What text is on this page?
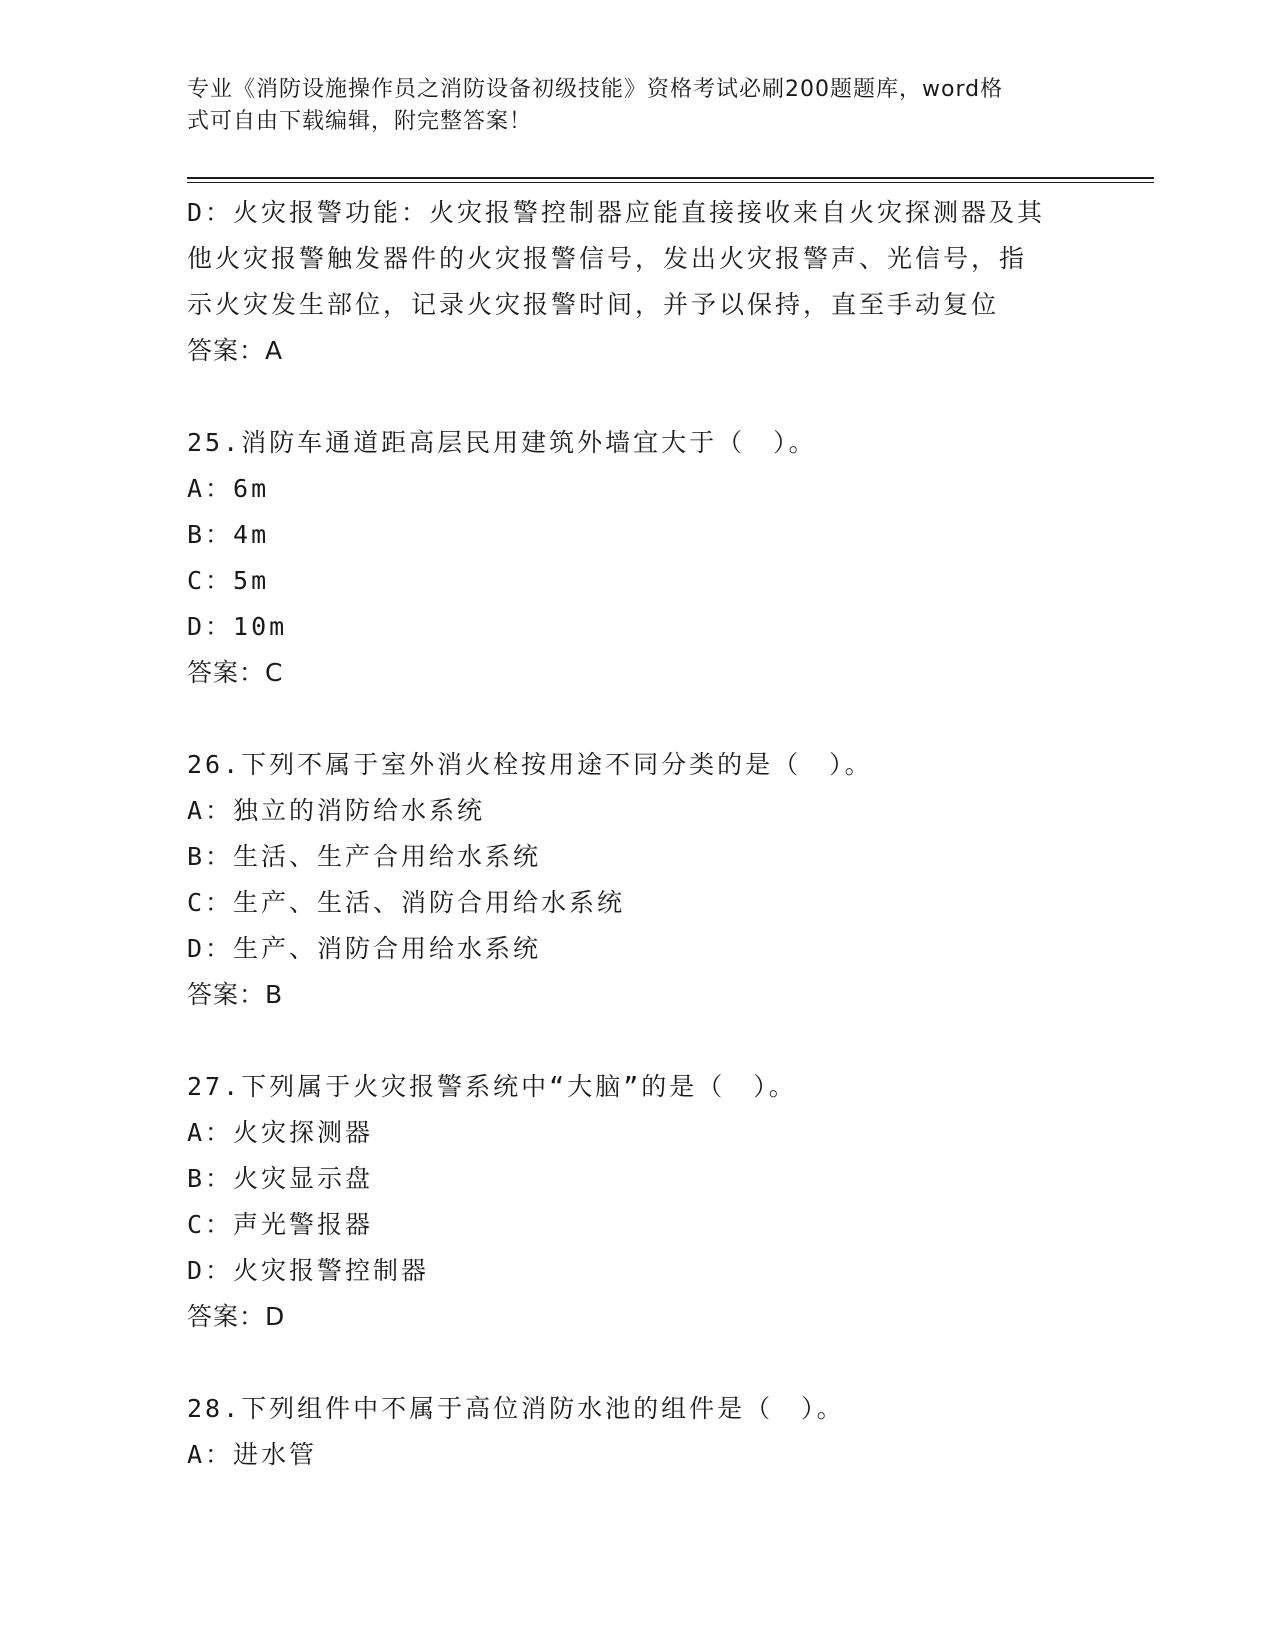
专业《消防设施操作员之消防设备初级技能》资格考试必刷200题题库，word格
式可自由下载编辑，附完整答案！
D：火灾报警功能：火灾报警控制器应能直接接收来自火灾探测器及其
他火灾报警触发器件的火灾报警信号，发出火灾报警声、光信号，指
示火灾发生部位，记录火灾报警时间，并予以保持，直至手动复位
答案：A
25.消防车通道距高层民用建筑外墙宜大于（　）。
A：6m
B：4m
C：5m
D：10m
答案：C
26.下列不属于室外消火栓按用途不同分类的是（　）。
A：独立的消防给水系统
B：生活、生产合用给水系统
C：生产、生活、消防合用给水系统
D：生产、消防合用给水系统
答案：B
27.下列属于火灾报警系统中“大脑”的是（　）。
A：火灾探测器
B：火灾显示盘
C：声光警报器
D：火灾报警控制器
答案：D
28.下列组件中不属于高位消防水池的组件是（　）。
A：进水管
